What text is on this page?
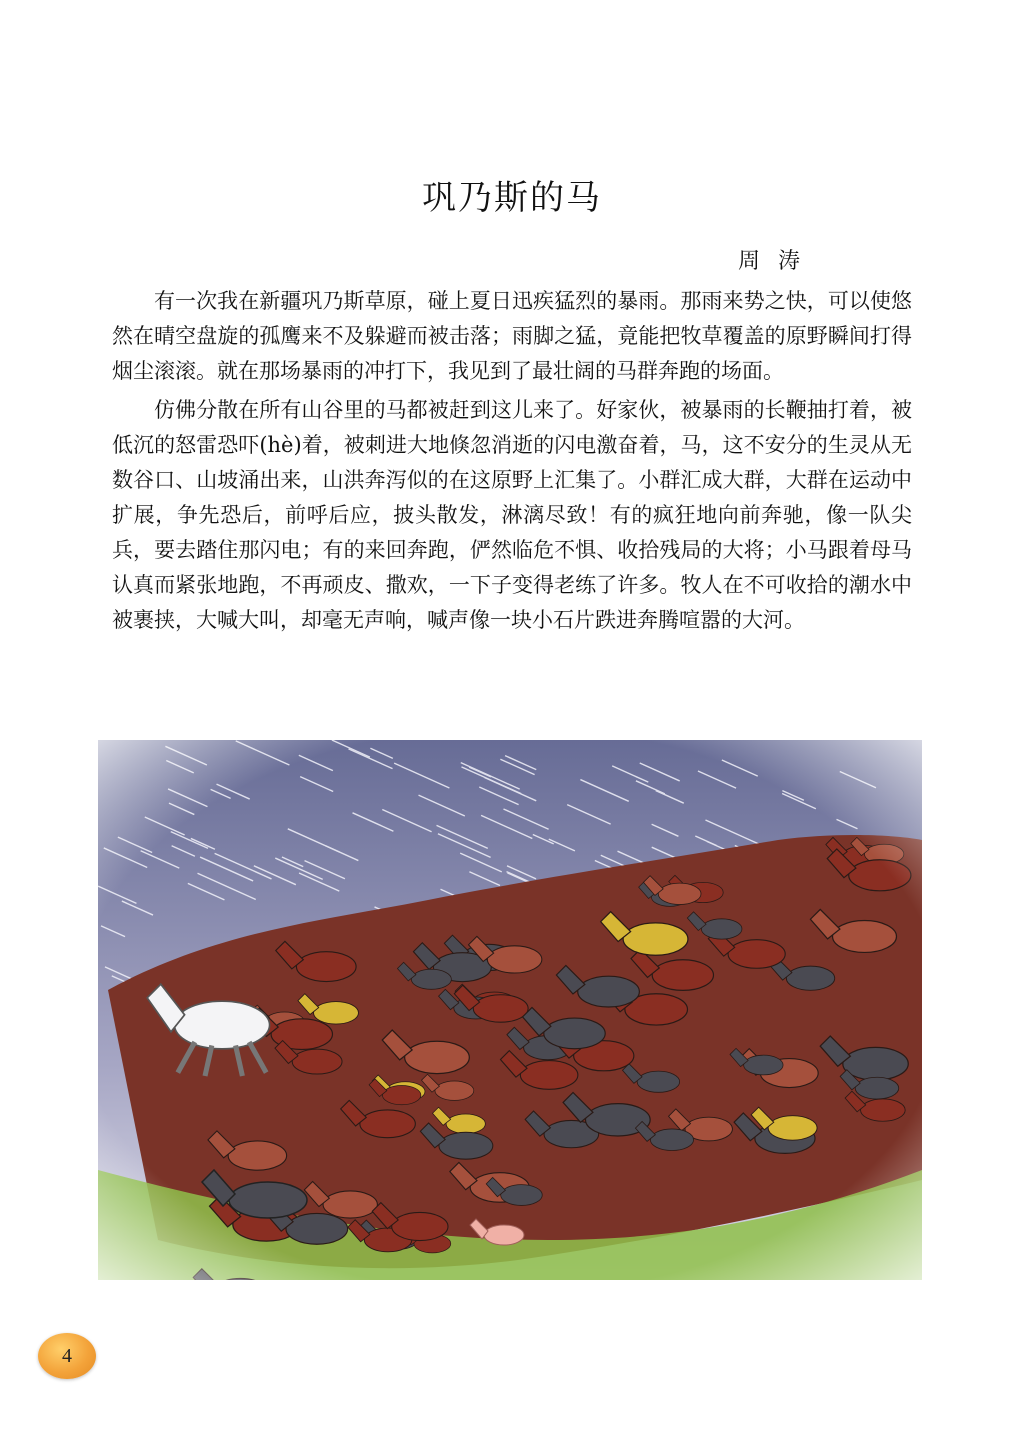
巩乃斯的马
周涛

有一次我在新疆巩乃斯草原，碰上夏日迅疾猛烈的暴雨。那雨来势之快，可以使悠然在晴空盘旋的孤鹰来不及躲避而被击落；雨脚之猛，竟能把牧草覆盖的原野瞬间打得烟尘滚滚。就在那场暴雨的冲打下，我见到了最壮阔的马群奔跑的场面。

仿佛分散在所有山谷里的马都被赶到这儿来了。好家伙，被暴雨的长鞭抽打着，被低沉的怒雷恐吓(hè)着，被刺进大地倏忽消逝的闪电激奋着，马，这不安分的生灵从无数谷口、山坡涌出来，山洪奔泻似的在这原野上汇集了。小群汇成大群，大群在运动中扩展，争先恐后，前呼后应，披头散发，淋漓尽致！有的疯狂地向前奔驰，像一队尖兵，要去踏住那闪电；有的来回奔跑，俨然临危不惧、收拾残局的大将；小马跟着母马认真而紧张地跑，不再顽皮、撒欢，一下子变得老练了许多。牧人在不可收拾的潮水中被裹挟，大喊大叫，却毫无声响，喊声像一块小石片跌进奔腾喧嚣的大河。

4
